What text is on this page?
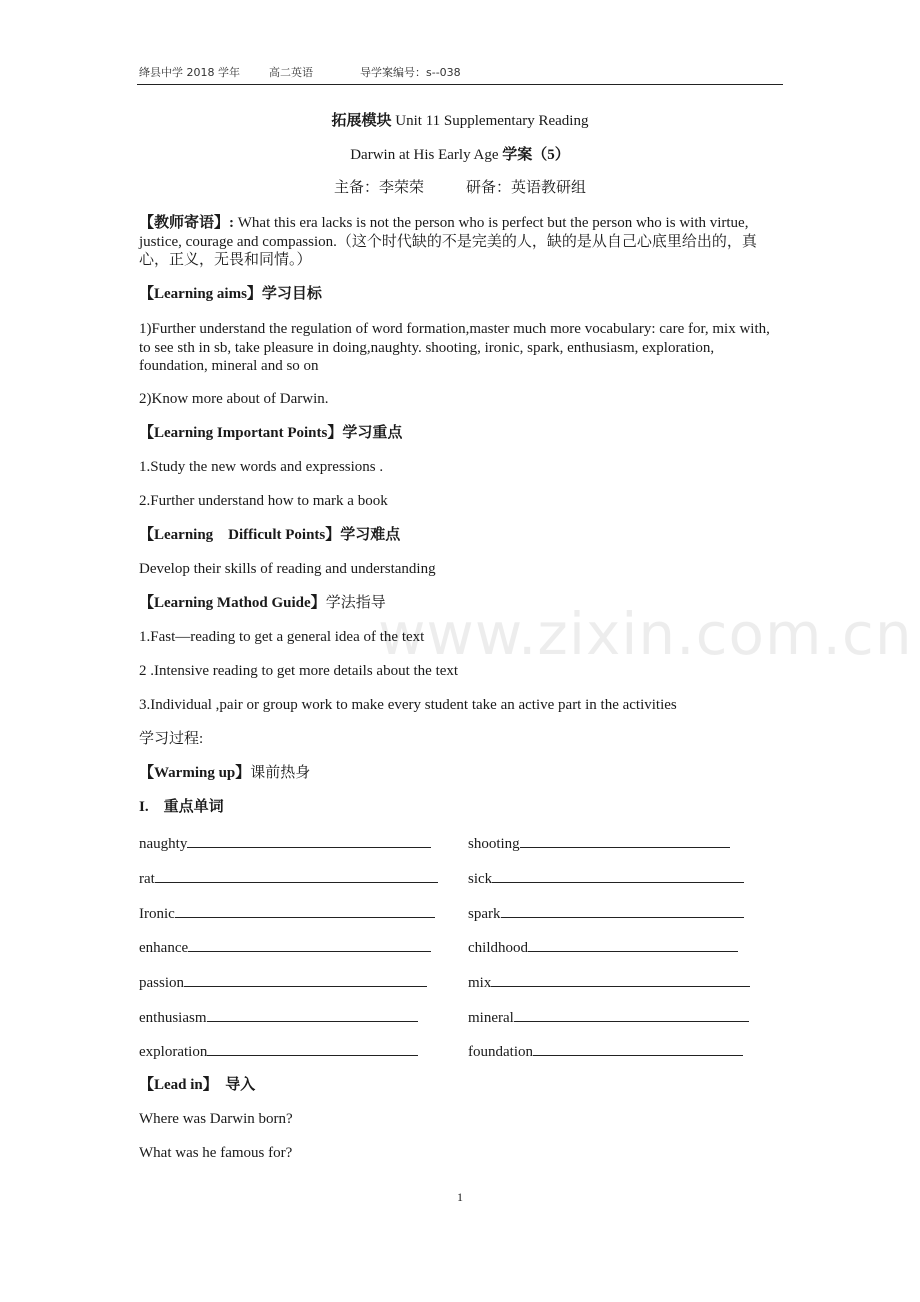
绛县中学 2018 学年	高二英语	导学案编号：s--038
www.zixin.com.cn
拓展模块 Unit 11 Supplementary Reading
Darwin at His Early Age 学案（5）
主备：李荣荣	研备：英语教研组
【教师寄语】: What this era lacks is not the person who is perfect but the person who is with virtue, justice, courage and compassion.（这个时代缺的不是完美的人，缺的是从自己心底里给出的，真心，正义，无畏和同情。）
【Learning aims】学习目标
1)Further understand the regulation of word formation,master much more vocabulary: care for, mix with, to see sth in sb, take pleasure in doing,naughty. shooting, ironic, spark, enthusiasm, exploration, foundation, mineral and so on
2)Know more about of Darwin.
【Learning Important Points】学习重点
1.Study the new words and expressions .
2.Further understand how to mark a book
【Learning　Difficult Points】学习难点
Develop their skills of reading and understanding
【Learning Mathod Guide】学法指导
1.Fast—reading to get a general idea of the text
2 .Intensive reading to get more details about the text
3.Individual ,pair or group work to make every student take an active part in the activities
学习过程:
【Warming up】课前热身
I.　重点单词
naughty	shooting
rat	sick
Ironic	spark
enhance	childhood
passion	mix
enthusiasm	mineral
exploration	foundation
【Lead in】　导入
Where was Darwin born?
What was he famous for?
1
